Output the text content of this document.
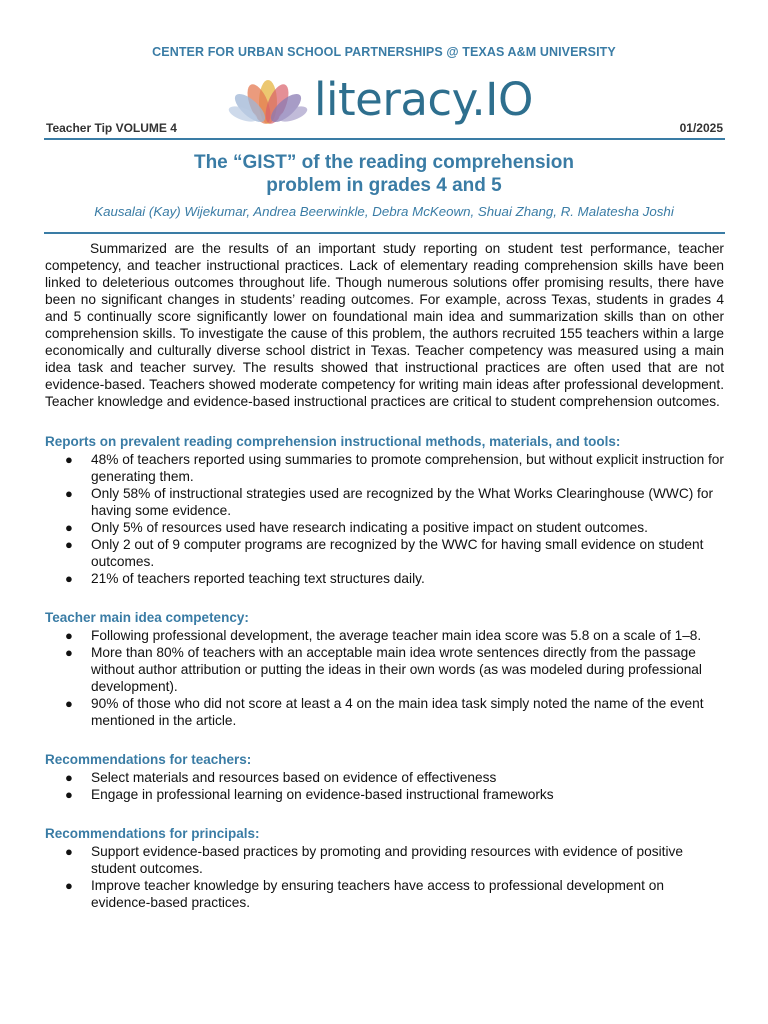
CENTER FOR URBAN SCHOOL PARTNERSHIPS @ TEXAS A&M UNIVERSITY
literacy.IO
Teacher Tip VOLUME 4	01/2025
The “GIST” of the reading comprehension
problem in grades 4 and 5
Kausalai (Kay) Wijekumar, Andrea Beerwinkle, Debra McKeown, Shuai Zhang, R. Malatesha Joshi

Summarized are the results of an important study reporting on student test performance, teacher competency, and teacher instructional practices. Lack of elementary reading comprehension skills have been linked to deleterious outcomes throughout life. Though numerous solutions offer promising results, there have been no significant changes in students’ reading outcomes. For example, across Texas, students in grades 4 and 5 continually score significantly lower on foundational main idea and summarization skills than on other comprehension skills. To investigate the cause of this problem, the authors recruited 155 teachers within a large economically and culturally diverse school district in Texas. Teacher competency was measured using a main idea task and teacher survey. The results showed that instructional practices are often used that are not evidence-based. Teachers showed moderate competency for writing main ideas after professional development. Teacher knowledge and evidence-based instructional practices are critical to student comprehension outcomes.

Reports on prevalent reading comprehension instructional methods, materials, and tools:
● 48% of teachers reported using summaries to promote comprehension, but without explicit instruction for generating them.
● Only 58% of instructional strategies used are recognized by the What Works Clearinghouse (WWC) for having some evidence.
● Only 5% of resources used have research indicating a positive impact on student outcomes.
● Only 2 out of 9 computer programs are recognized by the WWC for having small evidence on student outcomes.
● 21% of teachers reported teaching text structures daily.
Teacher main idea competency:
● Following professional development, the average teacher main idea score was 5.8 on a scale of 1–8.
● More than 80% of teachers with an acceptable main idea wrote sentences directly from the passage without author attribution or putting the ideas in their own words (as was modeled during professional development).
● 90% of those who did not score at least a 4 on the main idea task simply noted the name of the event mentioned in the article.
Recommendations for teachers:
● Select materials and resources based on evidence of effectiveness
● Engage in professional learning on evidence-based instructional frameworks
Recommendations for principals:
● Support evidence-based practices by promoting and providing resources with evidence of positive student outcomes.
● Improve teacher knowledge by ensuring teachers have access to professional development on evidence-based practices.
